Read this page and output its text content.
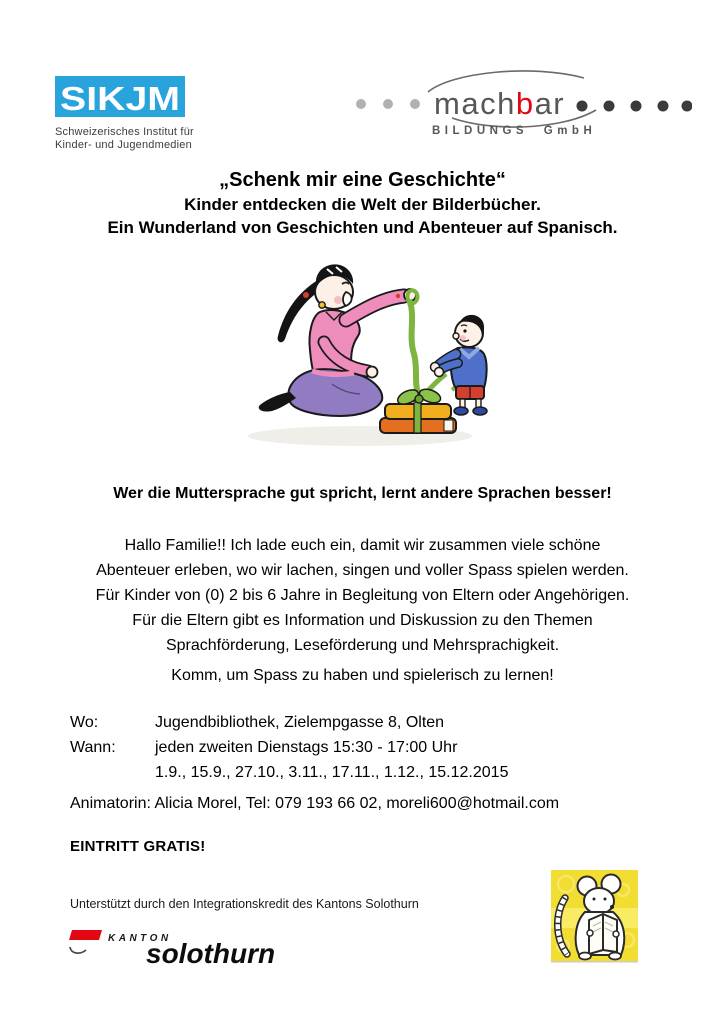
SIKJM
Schweizerisches Institut für
Kinder- und Jugendmedien
machbar
BILDUNGS GmbH
„Schenk mir eine Geschichte“
Kinder entdecken die Welt der Bilderbücher.
Ein Wunderland von Geschichten und Abenteuer auf Spanisch.
Wer die Muttersprache gut spricht, lernt andere Sprachen besser!
Hallo Familie!! Ich lade euch ein, damit wir zusammen viele schöne
Abenteuer erleben, wo wir lachen, singen und voller Spass spielen werden.
Für Kinder von (0) 2 bis 6 Jahre in Begleitung von Eltern oder Angehörigen.
Für die Eltern gibt es Information und Diskussion zu den Themen
Sprachförderung, Leseförderung und Mehrsprachigkeit.
Komm, um Spass zu haben und spielerisch zu lernen!
Wo:	Jugendbibliothek, Zielempgasse 8, Olten
Wann:	jeden zweiten Dienstags 15:30 - 17:00 Uhr
1.9., 15.9., 27.10., 3.11., 17.11., 1.12., 15.12.2015
Animatorin: Alicia Morel, Tel: 079 193 66 02, moreli600@hotmail.com
EINTRITT GRATIS!
Unterstützt durch den Integrationskredit des Kantons Solothurn
KANTON
solothurn
